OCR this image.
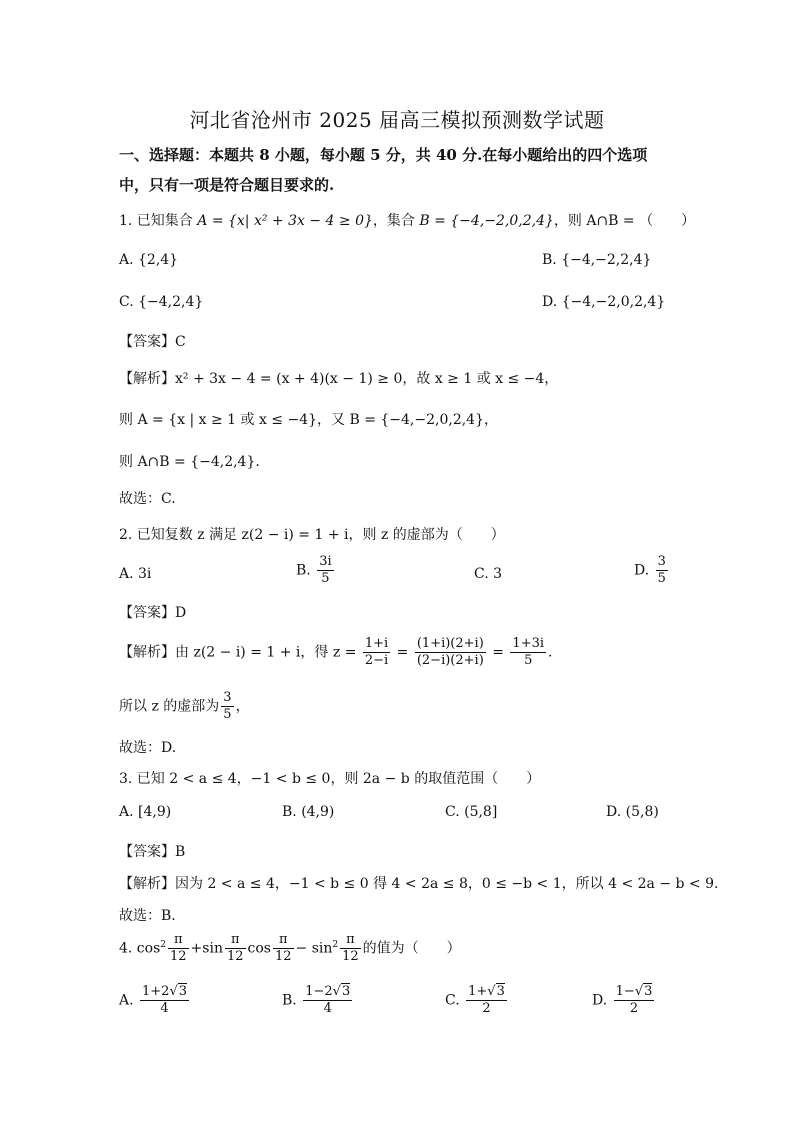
河北省沧州市 2025 届高三模拟预测数学试题
一、选择题：本题共 8 小题，每小题 5 分，共 40 分.在每小题给出的四个选项
中，只有一项是符合题目要求的.
1. 已知集合 A = {x| x² + 3x − 4 ≥ 0}，集合 B = {−4,−2,0,2,4}，则 A∩B = （　　）
A. {2,4}	B. {−4,−2,2,4}
C. {−4,2,4}	D. {−4,−2,0,2,4}
【答案】C
【解析】x² + 3x − 4 = (x + 4)(x − 1) ≥ 0，故 x ≥ 1 或 x ≤ −4，
则 A = {x | x ≥ 1 或 x ≤ −4}，又 B = {−4,−2,0,2,4}，
则 A∩B = {−4,2,4}.
故选：C.
2. 已知复数 z 满足 z(2 − i) = 1 + i，则 z 的虚部为（　　）
A. 3i	B. $\frac{3i}{5}$	C. 3	D. $\frac{3}{5}$
【答案】D
【解析】由 z(2 − i) = 1 + i，得 $z = \frac{1+i}{2-i} = \frac{(1+i)(2+i)}{(2-i)(2+i)} = \frac{1+3i}{5}$ .
所以 z 的虚部为 $\frac{3}{5}$ ，
故选：D.
3. 已知 2 < a ≤ 4，−1 < b ≤ 0，则 2a − b 的取值范围（　　）
A. [4,9)	B. (4,9)	C. (5,8]	D. (5,8)
【答案】B
【解析】因为 2 < a ≤ 4，−1 < b ≤ 0 得 4 < 2a ≤ 8，0 ≤ −b < 1，所以 4 < 2a − b < 9.
故选：B.
4. $\cos^2 \frac{\pi}{12} +\sin \frac{\pi}{12}$ $\cos \frac{\pi}{12} - \sin^2 \frac{\pi}{12}$ 的值为（　　）
A. $\frac{1+2√3}{4}$	B. $\frac{1-2√3}{4}$	C. $\frac{1+√3}{2}$	D. $\frac{1-√3}{2}$
